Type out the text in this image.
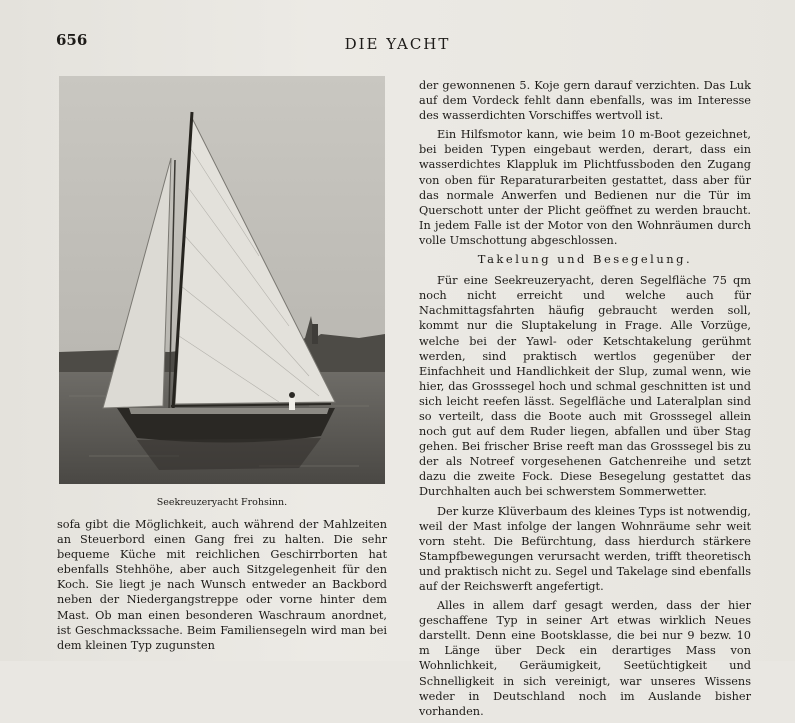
656	DIE YACHT
Seekreuzeryacht Frohsinn.

sofa gibt die Möglichkeit, auch während der Mahlzeiten an Steuerbord einen Gang frei zu halten. Die sehr bequeme Küche mit reichlichen Geschirrborten hat ebenfalls Stehhöhe, aber auch Sitzgelegenheit für den Koch. Sie liegt je nach Wunsch entweder an Backbord neben der Niedergangstreppe oder vorne hinter dem Mast. Ob man einen besonderen Waschraum anordnet, ist Geschmackssache. Beim Familiensegeln wird man bei dem kleinen Typ zugunsten

der gewonnenen 5. Koje gern darauf verzichten. Das Luk auf dem Vordeck fehlt dann ebenfalls, was im Interesse des wasserdichten Vorschiffes wertvoll ist.

Ein Hilfsmotor kann, wie beim 10 m-Boot gezeichnet, bei beiden Typen eingebaut werden, derart, dass ein wasserdichtes Klappluk im Plichtfussboden den Zugang von oben für Reparaturarbeiten gestattet, dass aber für das normale Anwerfen und Bedienen nur die Tür im Querschott unter der Plicht geöffnet zu werden braucht. In jedem Falle ist der Motor von den Wohnräumen durch volle Umschottung abgeschlossen.

Takelung und Besegelung.

Für eine Seekreuzeryacht, deren Segelfläche 75 qm noch nicht erreicht und welche auch für Nachmittagsfahrten häufig gebraucht werden soll, kommt nur die Sluptakelung in Frage. Alle Vorzüge, welche bei der Yawl- oder Ketschtakelung gerühmt werden, sind praktisch wertlos gegenüber der Einfachheit und Handlichkeit der Slup, zumal wenn, wie hier, das Grosssegel hoch und schmal geschnitten ist und sich leicht reefen lässt. Segelfläche und Lateralplan sind so verteilt, dass die Boote auch mit Grosssegel allein noch gut auf dem Ruder liegen, abfallen und über Stag gehen. Bei frischer Brise reeft man das Grosssegel bis zu der als Notreef vorgesehenen Gatchenreihe und setzt dazu die zweite Fock. Diese Besegelung gestattet das Durchhalten auch bei schwerstem Sommerwetter.

Der kurze Klüverbaum des kleines Typs ist notwendig, weil der Mast infolge der langen Wohnräume sehr weit vorn steht. Die Befürchtung, dass hierdurch stärkere Stampfbewegungen verursacht werden, trifft theoretisch und praktisch nicht zu. Segel und Takelage sind ebenfalls auf der Reichswerft angefertigt.

Alles in allem darf gesagt werden, dass der hier geschaffene Typ in seiner Art etwas wirklich Neues darstellt. Denn eine Bootsklasse, die bei nur 9 bezw. 10 m Länge über Deck ein derartiges Mass von Wohnlichkeit, Geräumigkeit, Seetüchtigkeit und Schnelligkeit in sich vereinigt, war unseres Wissens weder in Deutschland noch im Auslande bisher vorhanden.
